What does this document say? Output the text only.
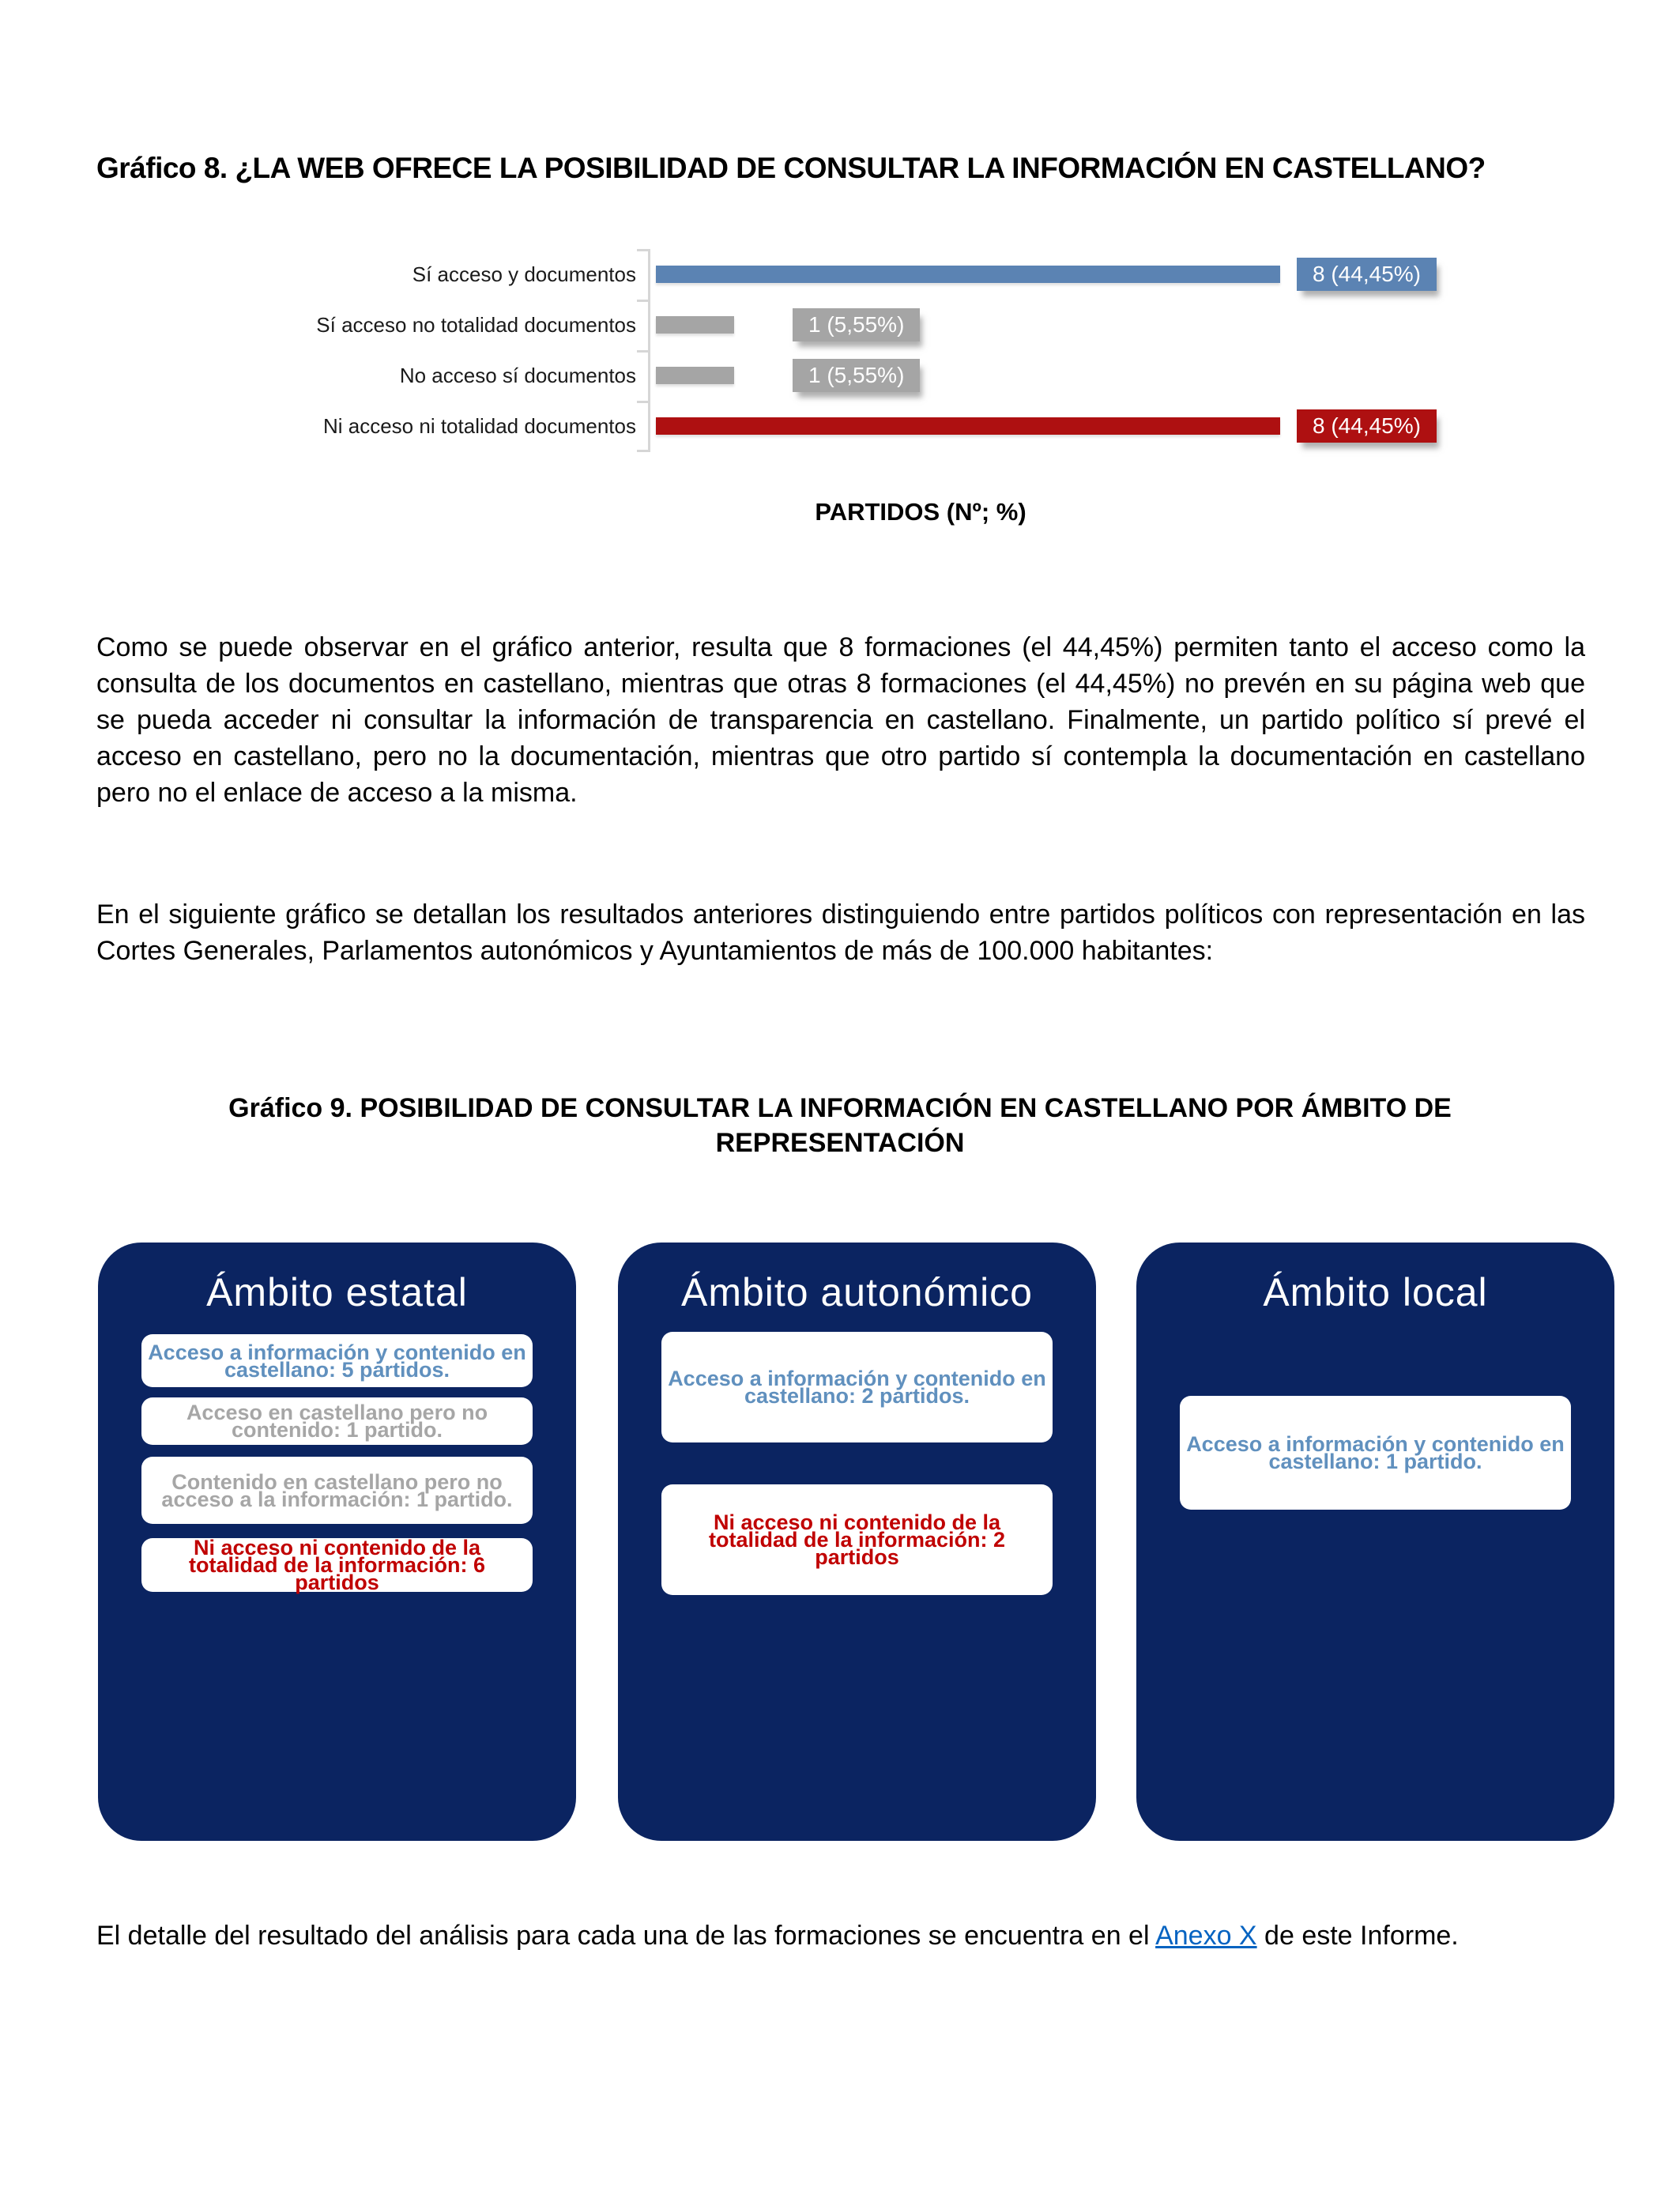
Gráfico 8. ¿LA WEB OFRECE LA POSIBILIDAD DE CONSULTAR LA INFORMACIÓN EN CASTELLANO?
Sí acceso y documentos	8 (44,45%)
Sí acceso no totalidad documentos	1 (5,55%)
No acceso sí documentos	1 (5,55%)
Ni acceso ni totalidad documentos	8 (44,45%)
PARTIDOS (Nº; %)

Como se puede observar en el gráfico anterior, resulta que 8 formaciones (el 44,45%) permiten tanto el acceso como la consulta de los documentos en castellano, mientras que otras 8 formaciones (el 44,45%) no prevén en su página web que se pueda acceder ni consultar la información de transparencia en castellano. Finalmente, un partido político sí prevé el acceso en castellano, pero no la documentación, mientras que otro partido sí contempla la documentación en castellano pero no el enlace de acceso a la misma.

En el siguiente gráfico se detallan los resultados anteriores distinguiendo entre partidos políticos con representación en las Cortes Generales, Parlamentos autonómicos y Ayuntamientos de más de 100.000 habitantes:

Gráfico 9. POSIBILIDAD DE CONSULTAR LA INFORMACIÓN EN CASTELLANO POR ÁMBITO DE REPRESENTACIÓN
Ámbito estatal
Acceso a información y contenido en castellano: 5 partidos.
Acceso en castellano pero no contenido: 1 partido.
Contenido en castellano pero no acceso a la información: 1 partido.
Ni acceso ni contenido de la totalidad de la información: 6 partidos
Ámbito autonómico
Acceso a información y contenido en castellano: 2 partidos.
Ni acceso ni contenido de la totalidad de la información: 2 partidos
Ámbito local
Acceso a información y contenido en castellano: 1 partido.

El detalle del resultado del análisis para cada una de las formaciones se encuentra en el Anexo X de este Informe.
